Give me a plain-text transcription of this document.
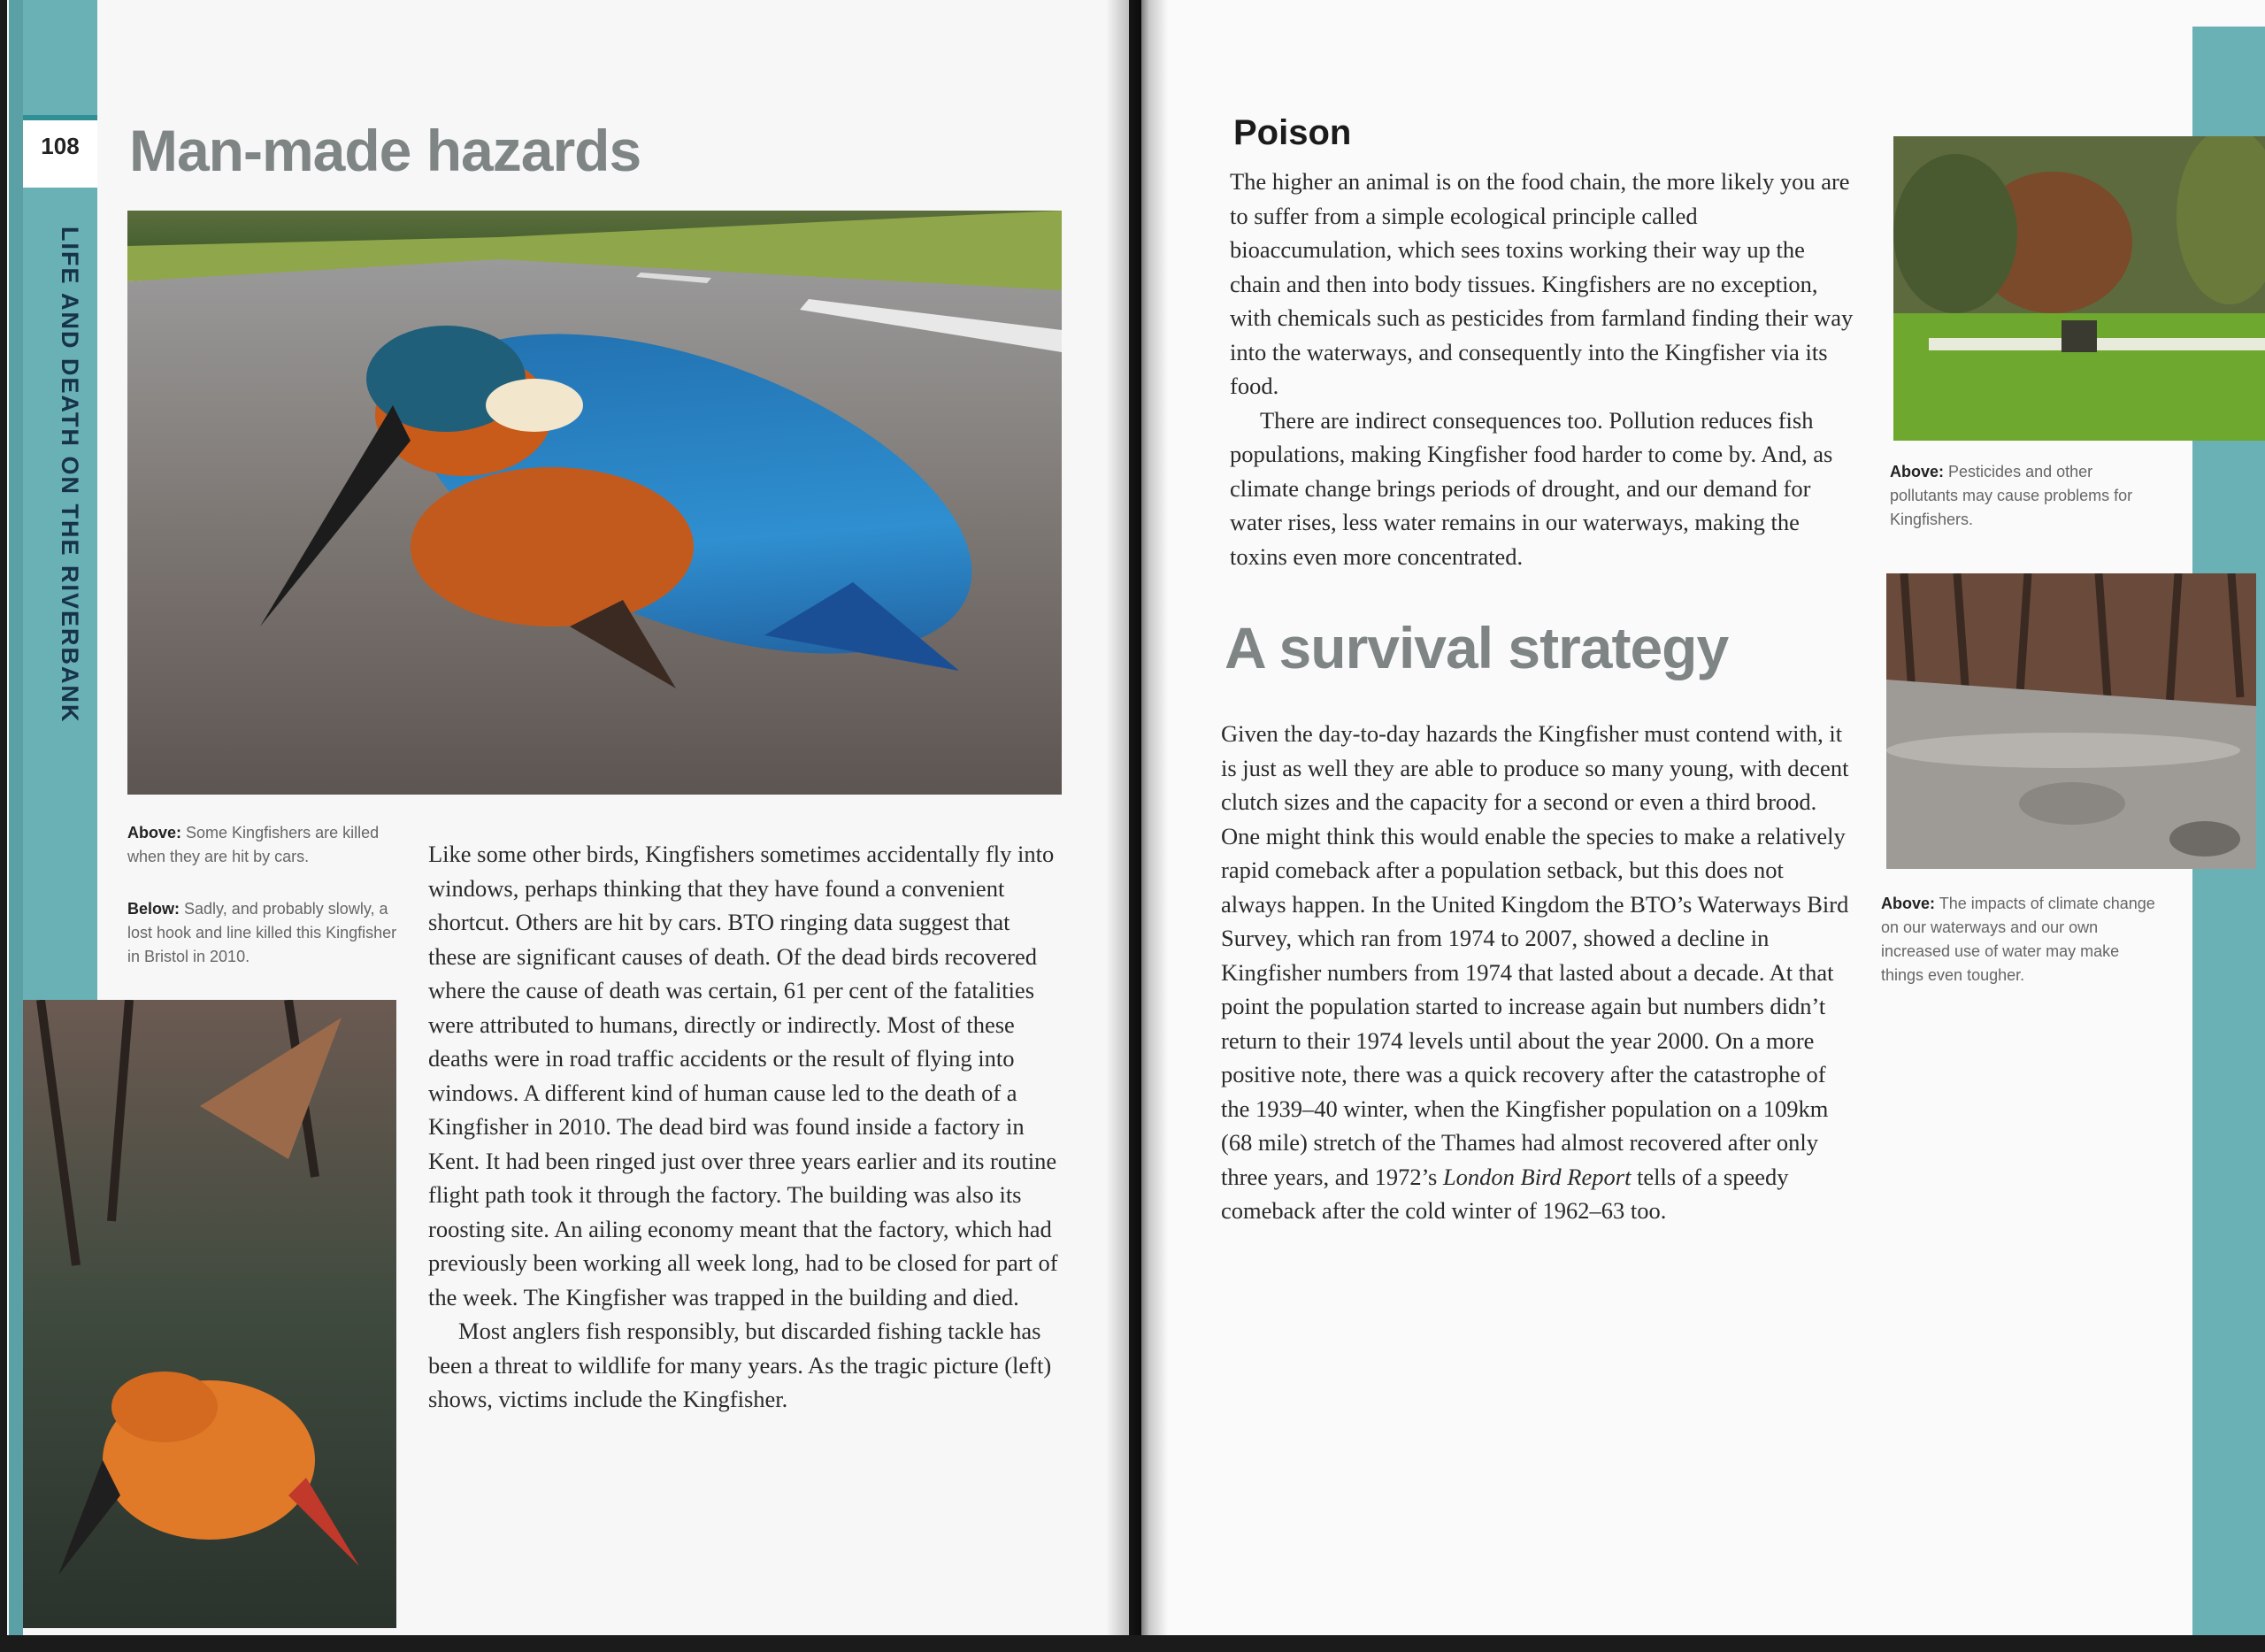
108
LIFE AND DEATH ON THE RIVERBANK
Man-made hazards
Above: Some Kingfishers are killed when they are hit by cars.
Below: Sadly, and probably slowly, a lost hook and line killed this Kingfisher in Bristol in 2010.

Like some other birds, Kingfishers sometimes accidentally fly into windows, perhaps thinking that they have found a convenient shortcut. Others are hit by cars. BTO ringing data suggest that these are significant causes of death. Of the dead birds recovered where the cause of death was certain, 61 per cent of the fatalities were attributed to humans, directly or indirectly. Most of these deaths were in road traffic accidents or the result of flying into windows. A different kind of human cause led to the death of a Kingfisher in 2010. The dead bird was found inside a factory in Kent. It had been ringed just over three years earlier and its routine flight path took it through the factory. The building was also its roosting site. An ailing economy meant that the factory, which had previously been working all week long, had to be closed for part of the week. The Kingfisher was trapped in the building and died.

Most anglers fish responsibly, but discarded fishing tackle has been a threat to wildlife for many years. As the tragic picture (left) shows, victims include the Kingfisher.

Poison

The higher an animal is on the food chain, the more likely you are to suffer from a simple ecological principle called bioaccumulation, which sees toxins working their way up the chain and then into body tissues. Kingfishers are no exception, with chemicals such as pesticides from farmland finding their way into the waterways, and consequently into the Kingfisher via its food.

There are indirect consequences too. Pollution reduces fish populations, making Kingfisher food harder to come by. And, as climate change brings periods of drought, and our demand for water rises, less water remains in our waterways, making the toxins even more concentrated.

A survival strategy

Given the day-to-day hazards the Kingfisher must contend with, it is just as well they are able to produce so many young, with decent clutch sizes and the capacity for a second or even a third brood. One might think this would enable the species to make a relatively rapid comeback after a population setback, but this does not always happen. In the United Kingdom the BTO’s Waterways Bird Survey, which ran from 1974 to 2007, showed a decline in Kingfisher numbers from 1974 that lasted about a decade. At that point the population started to increase again but numbers didn’t return to their 1974 levels until about the year 2000. On a more positive note, there was a quick recovery after the catastrophe of the 1939–40 winter, when the Kingfisher population on a 109km (68 mile) stretch of the Thames had almost recovered after only three years, and 1972’s London Bird Report tells of a speedy comeback after the cold winter of 1962–63 too.

Above: Pesticides and other pollutants may cause problems for Kingfishers.
Above: The impacts of climate change on our waterways and our own increased use of water may make things even tougher.
